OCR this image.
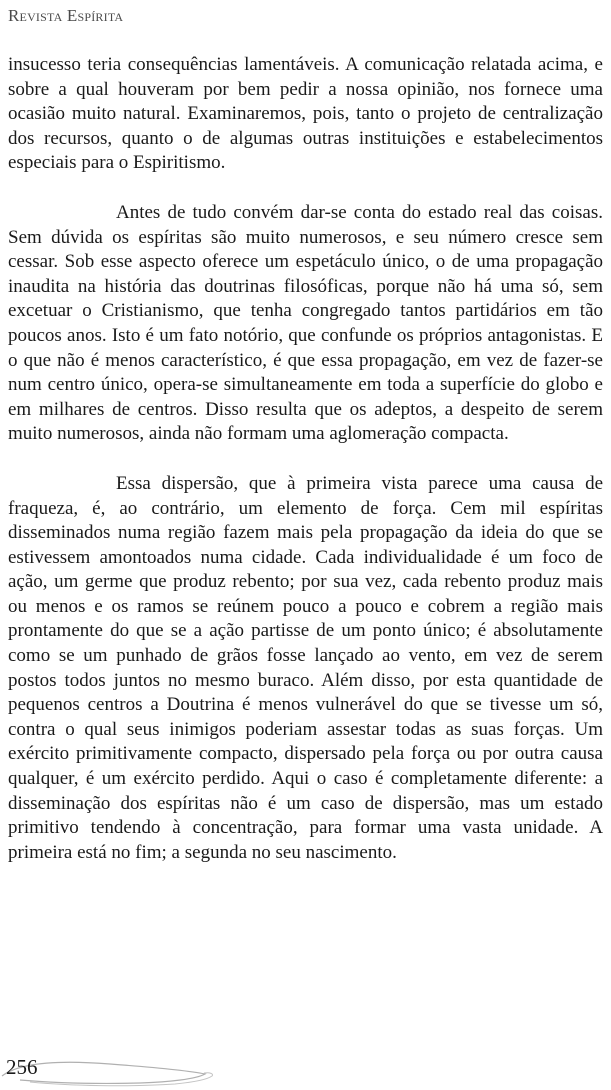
Revista Espírita

insucesso teria consequências lamentáveis. A comunicação relatada acima, e sobre a qual houveram por bem pedir a nossa opinião, nos fornece uma ocasião muito natural. Examinaremos, pois, tanto o projeto de centralização dos recursos, quanto o de algumas outras instituições e estabelecimentos especiais para o Espiritismo.

Antes de tudo convém dar-se conta do estado real das coisas. Sem dúvida os espíritas são muito numerosos, e seu número cresce sem cessar. Sob esse aspecto oferece um espetáculo único, o de uma propagação inaudita na história das doutrinas filosóficas, porque não há uma só, sem excetuar o Cristianismo, que tenha congregado tantos partidários em tão poucos anos. Isto é um fato notório, que confunde os próprios antagonistas. E o que não é menos característico, é que essa propagação, em vez de fazer-se num centro único, opera-se simultaneamente em toda a superfície do globo e em milhares de centros. Disso resulta que os adeptos, a despeito de serem muito numerosos, ainda não formam uma aglomeração compacta.

Essa dispersão, que à primeira vista parece uma causa de fraqueza, é, ao contrário, um elemento de força. Cem mil espíritas disseminados numa região fazem mais pela propagação da ideia do que se estivessem amontoados numa cidade. Cada individualidade é um foco de ação, um germe que produz rebento; por sua vez, cada rebento produz mais ou menos e os ramos se reúnem pouco a pouco e cobrem a região mais prontamente do que se a ação partisse de um ponto único; é absolutamente como se um punhado de grãos fosse lançado ao vento, em vez de serem postos todos juntos no mesmo buraco. Além disso, por esta quantidade de pequenos centros a Doutrina é menos vulnerável do que se tivesse um só, contra o qual seus inimigos poderiam assestar todas as suas forças. Um exército primitivamente compacto, dispersado pela força ou por outra causa qualquer, é um exército perdido. Aqui o caso é completamente diferente: a disseminação dos espíritas não é um caso de dispersão, mas um estado primitivo tendendo à concentração, para formar uma vasta unidade. A primeira está no fim; a segunda no seu nascimento.

256
